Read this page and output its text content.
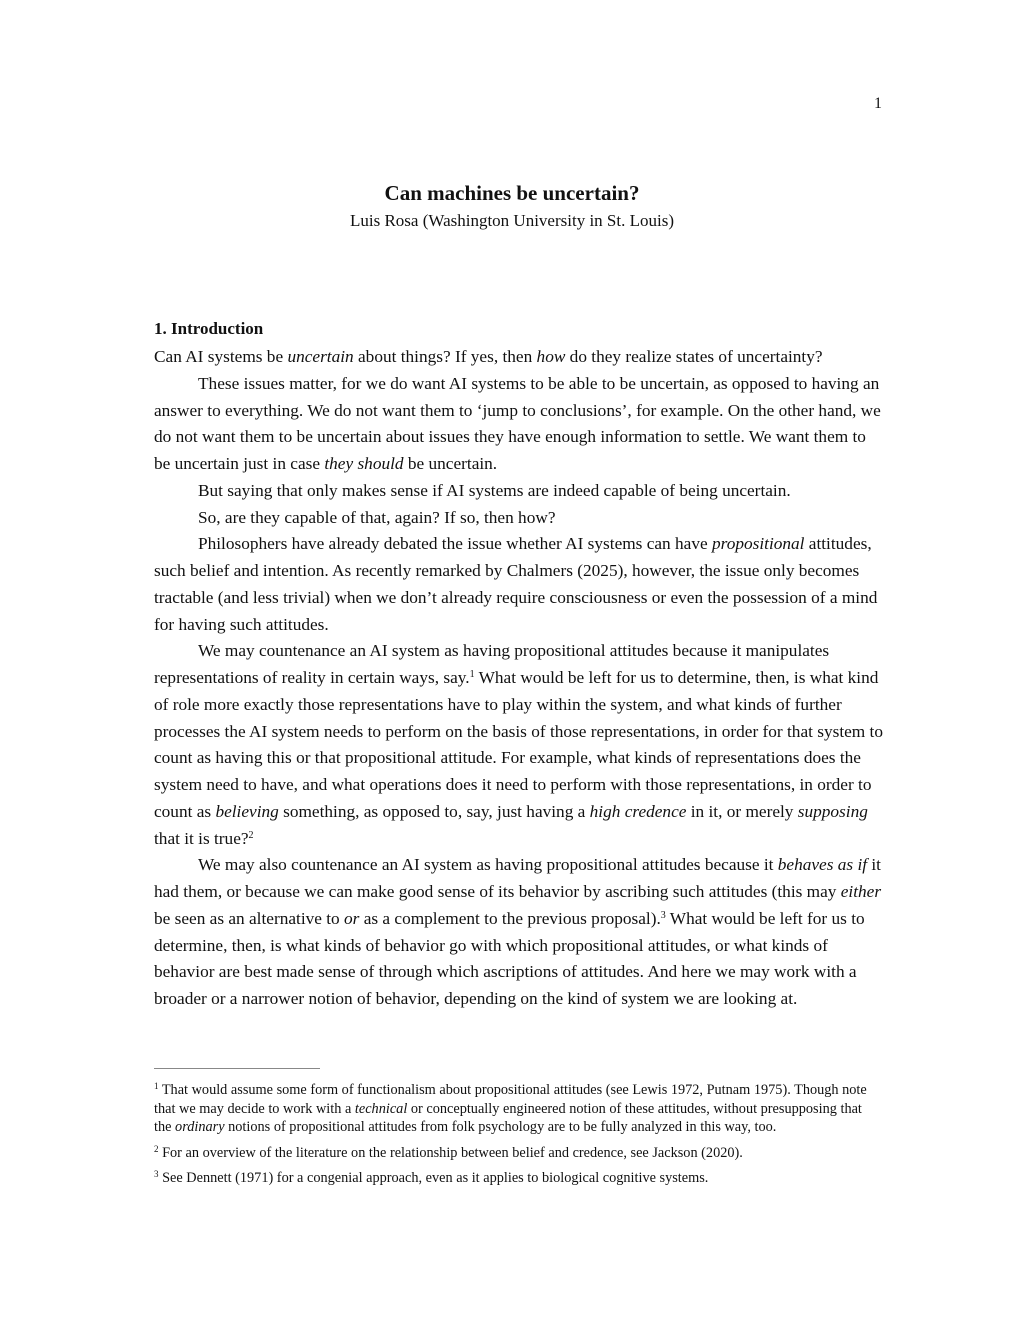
1
Can machines be uncertain?
Luis Rosa (Washington University in St. Louis)
1. Introduction

Can AI systems be uncertain about things? If yes, then how do they realize states of uncertainty?

These issues matter, for we do want AI systems to be able to be uncertain, as opposed to having an answer to everything. We do not want them to ‘jump to conclusions’, for example. On the other hand, we do not want them to be uncertain about issues they have enough information to settle. We want them to be uncertain just in case they should be uncertain.

But saying that only makes sense if AI systems are indeed capable of being uncertain.

So, are they capable of that, again? If so, then how?

Philosophers have already debated the issue whether AI systems can have propositional attitudes, such belief and intention. As recently remarked by Chalmers (2025), however, the issue only becomes tractable (and less trivial) when we don’t already require consciousness or even the possession of a mind for having such attitudes.

We may countenance an AI system as having propositional attitudes because it manipulates representations of reality in certain ways, say.$^1$ What would be left for us to determine, then, is what kind of role more exactly those representations have to play within the system, and what kinds of further processes the AI system needs to perform on the basis of those representations, in order for that system to count as having this or that propositional attitude. For example, what kinds of representations does the system need to have, and what operations does it need to perform with those representations, in order to count as believing something, as opposed to, say, just having a high credence in it, or merely supposing that it is true?$^2$

We may also countenance an AI system as having propositional attitudes because it behaves as if it had them, or because we can make good sense of its behavior by ascribing such attitudes (this may either be seen as an alternative to or as a complement to the previous proposal).$^3$ What would be left for us to determine, then, is what kinds of behavior go with which propositional attitudes, or what kinds of behavior are best made sense of through which ascriptions of attitudes. And here we may work with a broader or a narrower notion of behavior, depending on the kind of system we are looking at.

$^1$ That would assume some form of functionalism about propositional attitudes (see Lewis 1972, Putnam 1975). Though note that we may decide to work with a technical or conceptually engineered notion of these attitudes, without presupposing that the ordinary notions of propositional attitudes from folk psychology are to be fully analyzed in this way, too.

$^2$ For an overview of the literature on the relationship between belief and credence, see Jackson (2020).

$^3$ See Dennett (1971) for a congenial approach, even as it applies to biological cognitive systems.
